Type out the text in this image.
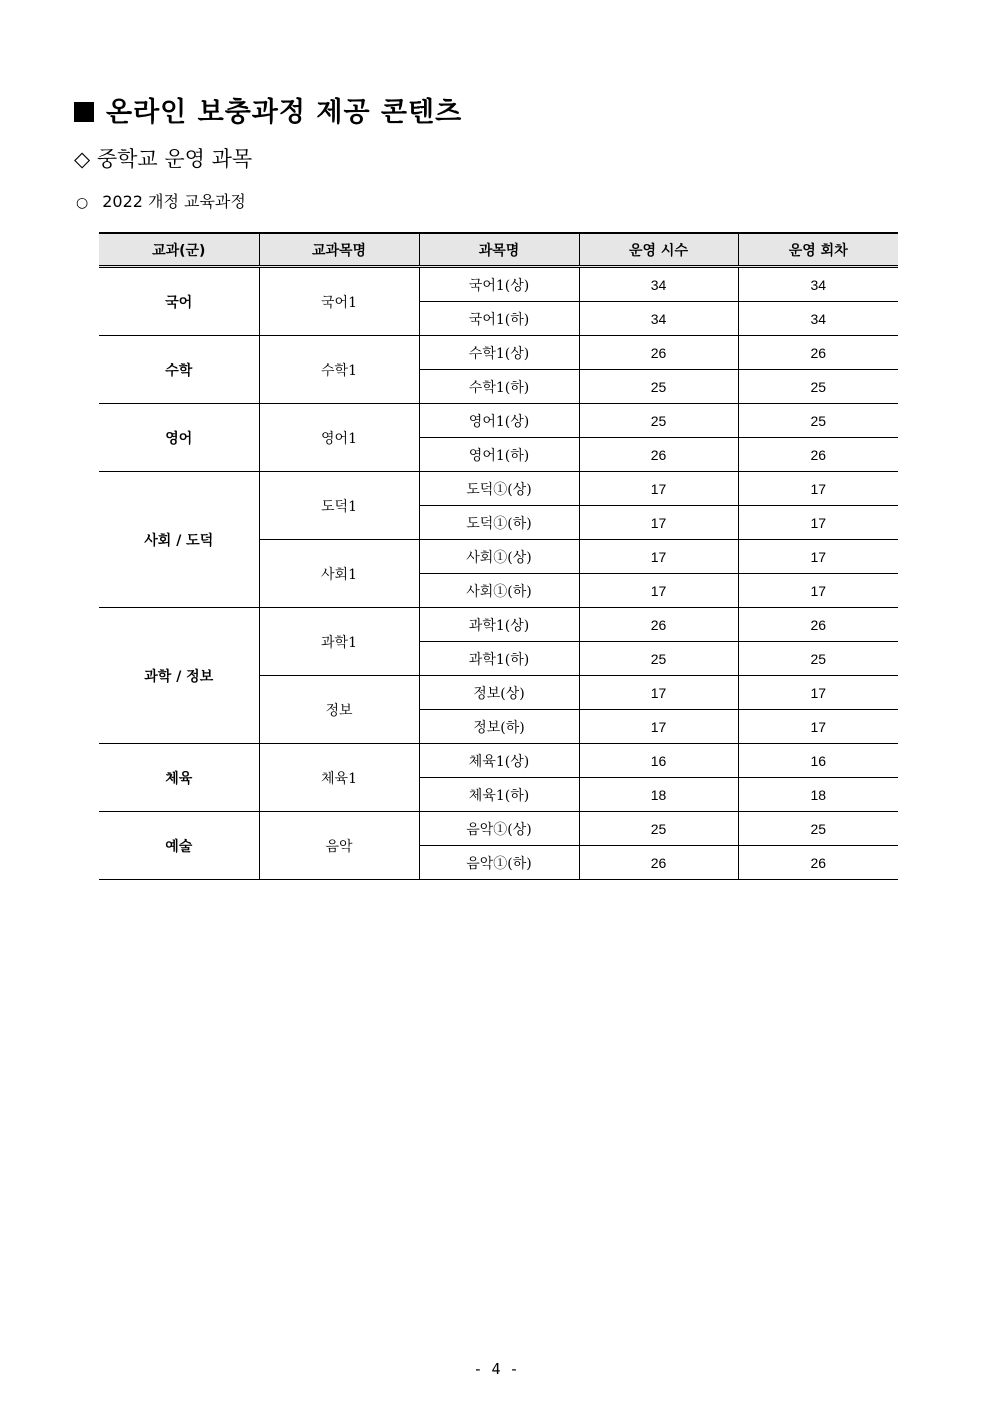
온라인 보충과정 제공 콘텐츠
◇ 중학교 운영 과목
○ 2022 개정 교육과정
교과(군)	교과목명	과목명	운영 시수	운영 회차
국어	국어1	국어1(상)	34	34
		국어1(하)	34	34
수학	수학1	수학1(상)	26	26
		수학1(하)	25	25
영어	영어1	영어1(상)	25	25
		영어1(하)	26	26
사회 / 도덕	도덕1	도덕①(상)	17	17
		도덕①(하)	17	17
	사회1	사회①(상)	17	17
		사회①(하)	17	17
과학 / 정보	과학1	과학1(상)	26	26
		과학1(하)	25	25
	정보	정보(상)	17	17
		정보(하)	17	17
체육	체육1	체육1(상)	16	16
		체육1(하)	18	18
예술	음악	음악①(상)	25	25
		음악①(하)	26	26
- 4 -
